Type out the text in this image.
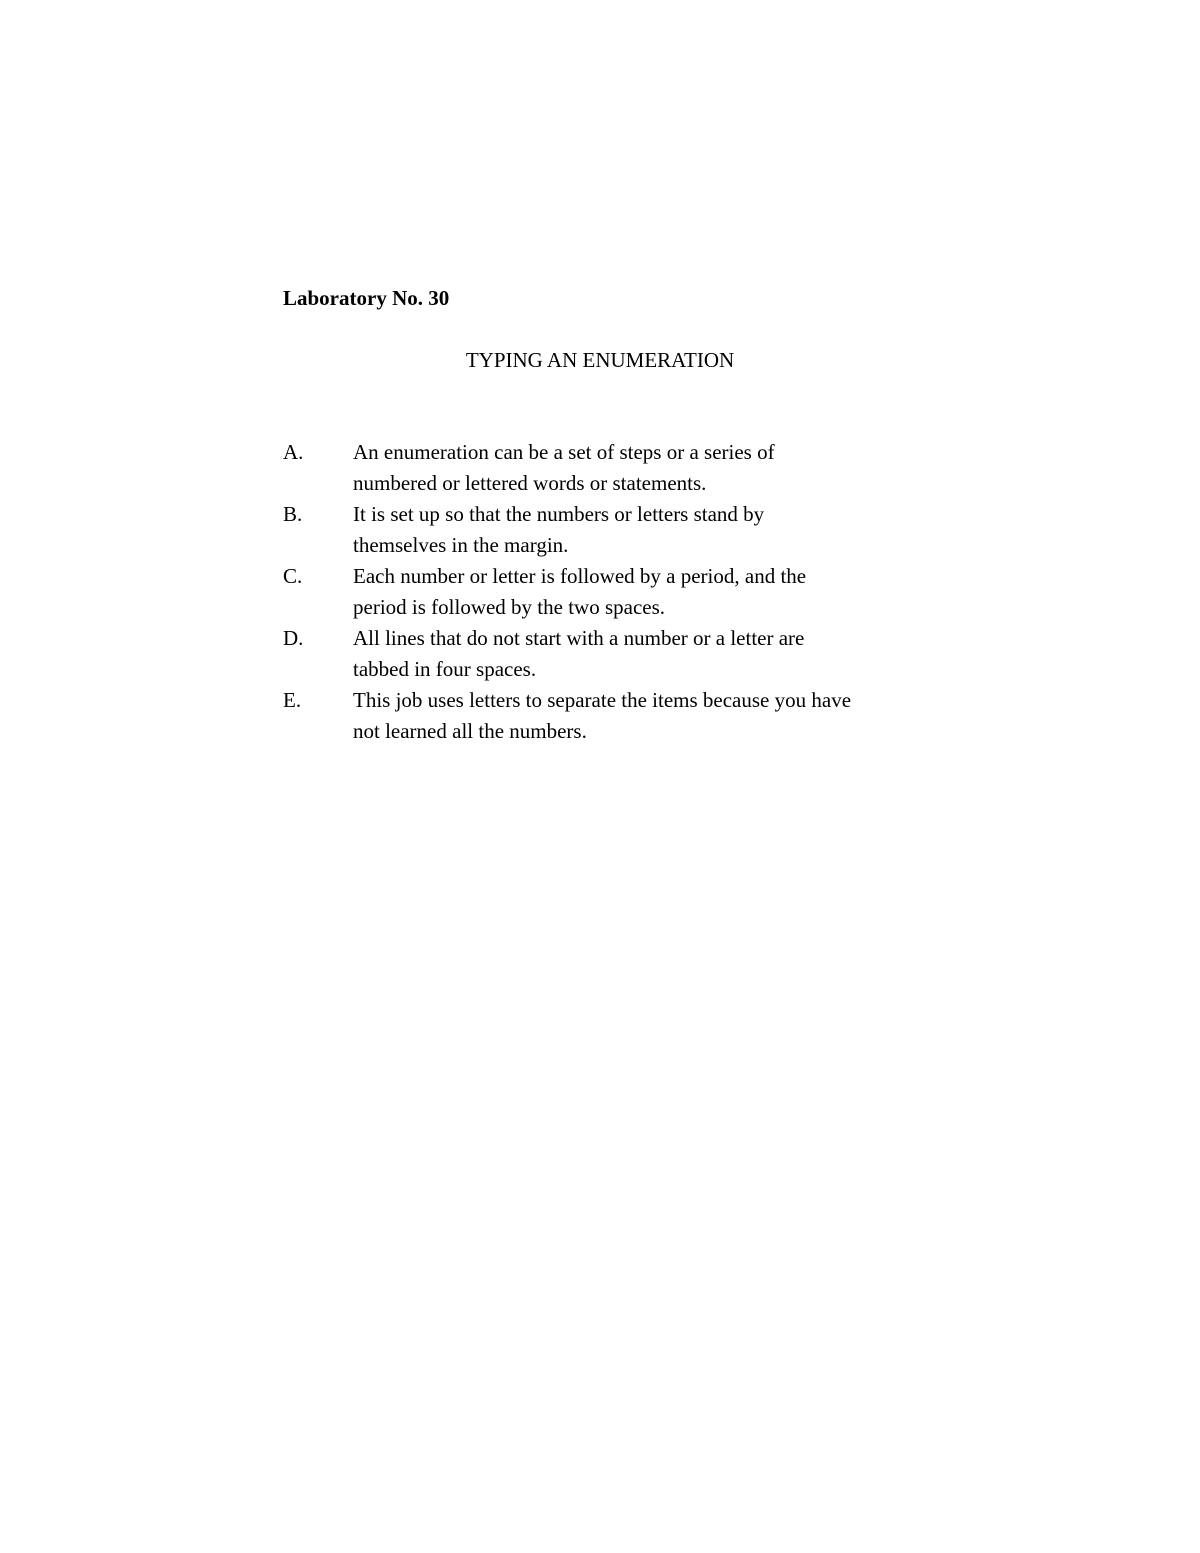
Laboratory No. 30
TYPING AN ENUMERATION
A.	An enumeration can be a set of steps or a series of
numbered or lettered words or statements.
B.	It is set up so that the numbers or letters stand by
themselves in the margin.
C.	Each number or letter is followed by a period, and the
period is followed by the two spaces.
D.	All lines that do not start with a number or a letter are
tabbed in four spaces.
E.	This job uses letters to separate the items because you have
not learned all the numbers.
